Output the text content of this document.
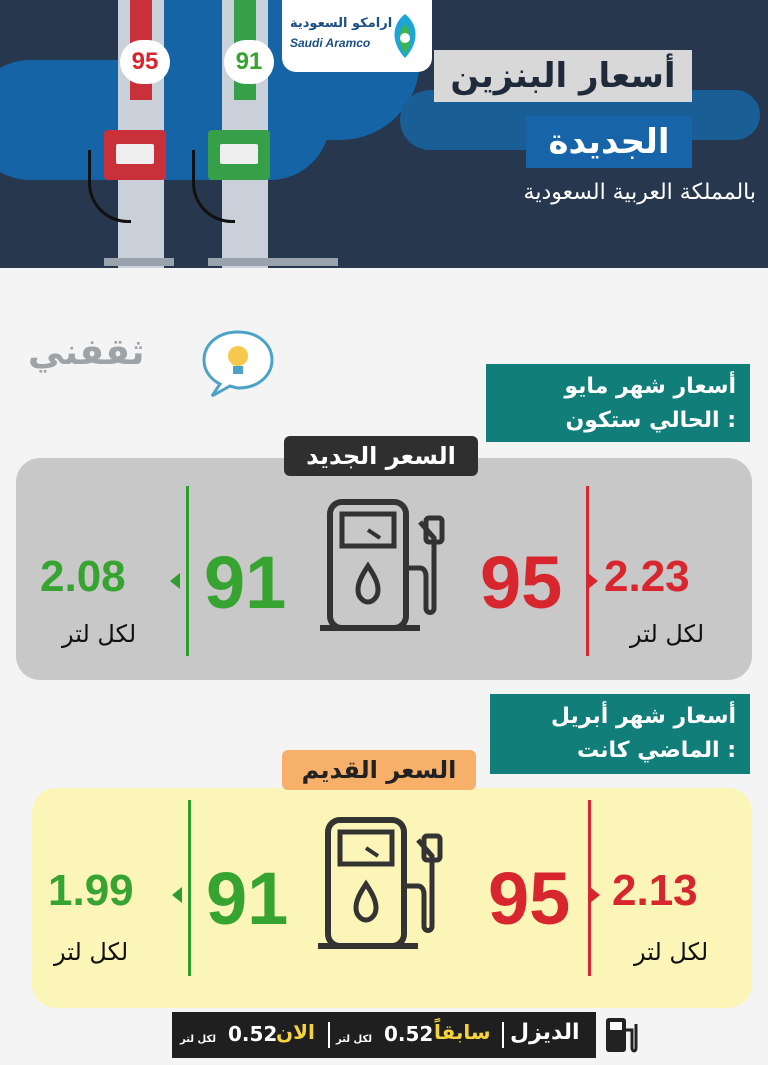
95	91
ارامكو السعودية
Saudi Aramco
أسعار البنزين
الجديدة
بالمملكة العربية السعودية
ثقفني
أسعار شهر مايو
الحالي ستكون :
السعر الجديد
2.23
لكل لتر
95
91
2.08
لكل لتر
أسعار شهر أبريل
الماضي كانت :
السعر القديم
2.13
لكل لتر
95
91
1.99
لكل لتر
لكل لتر 0.52
الان لكل لتر 0.52 سابقاً الديزل
